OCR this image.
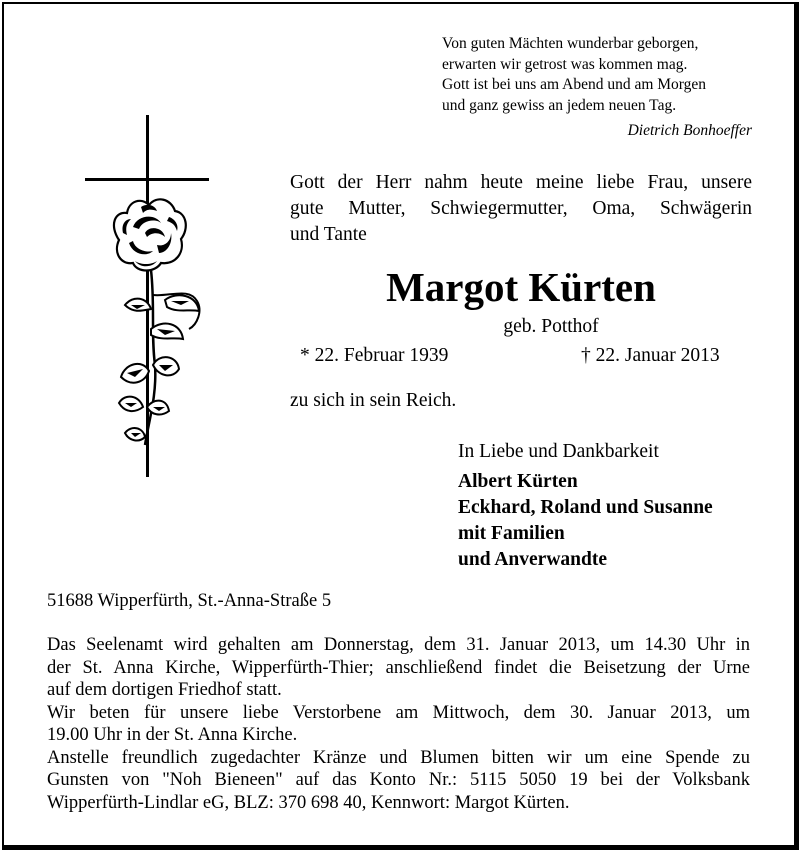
Von guten Mächten wunderbar geborgen,
erwarten wir getrost was kommen mag.
Gott ist bei uns am Abend und am Morgen
und ganz gewiss an jedem neuen Tag.
Dietrich Bonhoeffer
Gott der Herr nahm heute meine liebe Frau, unsere
gute Mutter, Schwiegermutter, Oma, Schwägerin
und Tante
Margot Kürten
geb. Potthof
* 22. Februar 1939	† 22. Januar 2013
zu sich in sein Reich.
In Liebe und Dankbarkeit
Albert Kürten
Eckhard, Roland und Susanne
mit Familien
und Anverwandte
51688 Wipperfürth, St.-Anna-Straße 5
Das Seelenamt wird gehalten am Donnerstag, dem 31. Januar 2013, um 14.30 Uhr in
der St. Anna Kirche, Wipperfürth-Thier; anschließend findet die Beisetzung der Urne
auf dem dortigen Friedhof statt.
Wir beten für unsere liebe Verstorbene am Mittwoch, dem 30. Januar 2013, um
19.00 Uhr in der St. Anna Kirche.
Anstelle freundlich zugedachter Kränze und Blumen bitten wir um eine Spende zu
Gunsten von "Noh Bieneen" auf das Konto Nr.: 5115 5050 19 bei der Volksbank
Wipperfürth-Lindlar eG, BLZ: 370 698 40, Kennwort: Margot Kürten.
